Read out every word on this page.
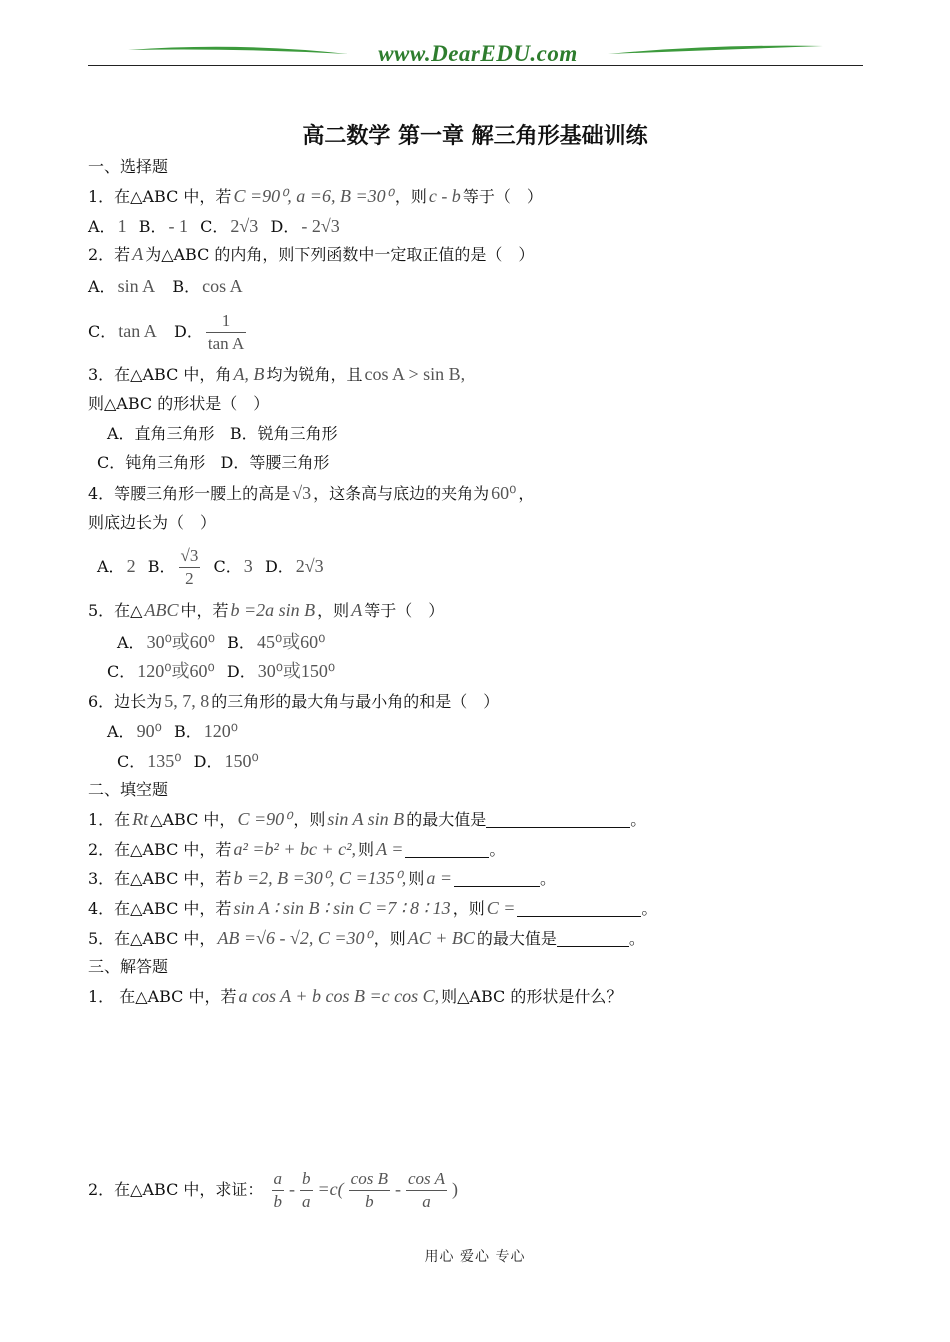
www.DearEDU.com
高二数学 第一章 解三角形基础训练
一、选择题
1．在△ABC 中，若 C =90⁰, a =6, B =30⁰ ，则 c - b 等于（　）
A． 1 B． - 1 C． 2√3 D． - 2√3
2．若 A 为△ABC 的内角，则下列函数中一定取正值的是（　）
A． sin A B． cos A
C． tan A D． $\frac{1}{\text{tan A}}$
3．在△ABC 中，角 A, B 均为锐角，且 cos A > sin B,
则△ABC 的形状是（　）
A．直角三角形 B．锐角三角形
C．钝角三角形 D．等腰三角形
4．等腰三角形一腰上的高是 √3 ，这条高与底边的夹角为 60⁰ ，
则底边长为（　）
A． 2 B． $\frac{√3}{2}$ C． 3 D． 2√3
5．在△ ABC 中，若 b =2a sin B ，则 A 等于（　）
A． 30⁰或60⁰ B． 45⁰或60⁰
C． 120⁰或60⁰ D． 30⁰或150⁰
6．边长为 5, 7, 8 的三角形的最大角与最小角的和是（　）
A． 90⁰ B． 120⁰
C． 135⁰ D． 150⁰
二、填空题
1．在 Rt △ABC 中， C =90⁰ ，则 sin A sin B 的最大值是	。
2．在△ABC 中，若 a² =b² + bc + c², 则 A =	。
3．在△ABC 中，若 b =2, B =30⁰, C =135⁰, 则 a =	。
4．在△ABC 中，若 sin A ∶ sin B ∶ sin C =7 ∶ 8 ∶ 13 ，则 C =	。
5．在△ABC 中， AB =√6 - √2, C =30⁰ ，则 AC + BC 的最大值是	。
三、解答题
1． 在△ABC 中，若 a cos A + b cos B =c cos C, 则△ABC 的形状是什么？
2．在△ABC 中，求证： $\frac{a}{b} - \frac{b}{a} =c( \frac{\text{cos B}}{b} - \frac{\text{cos A}}{a}$ )
用心 爱心 专心
